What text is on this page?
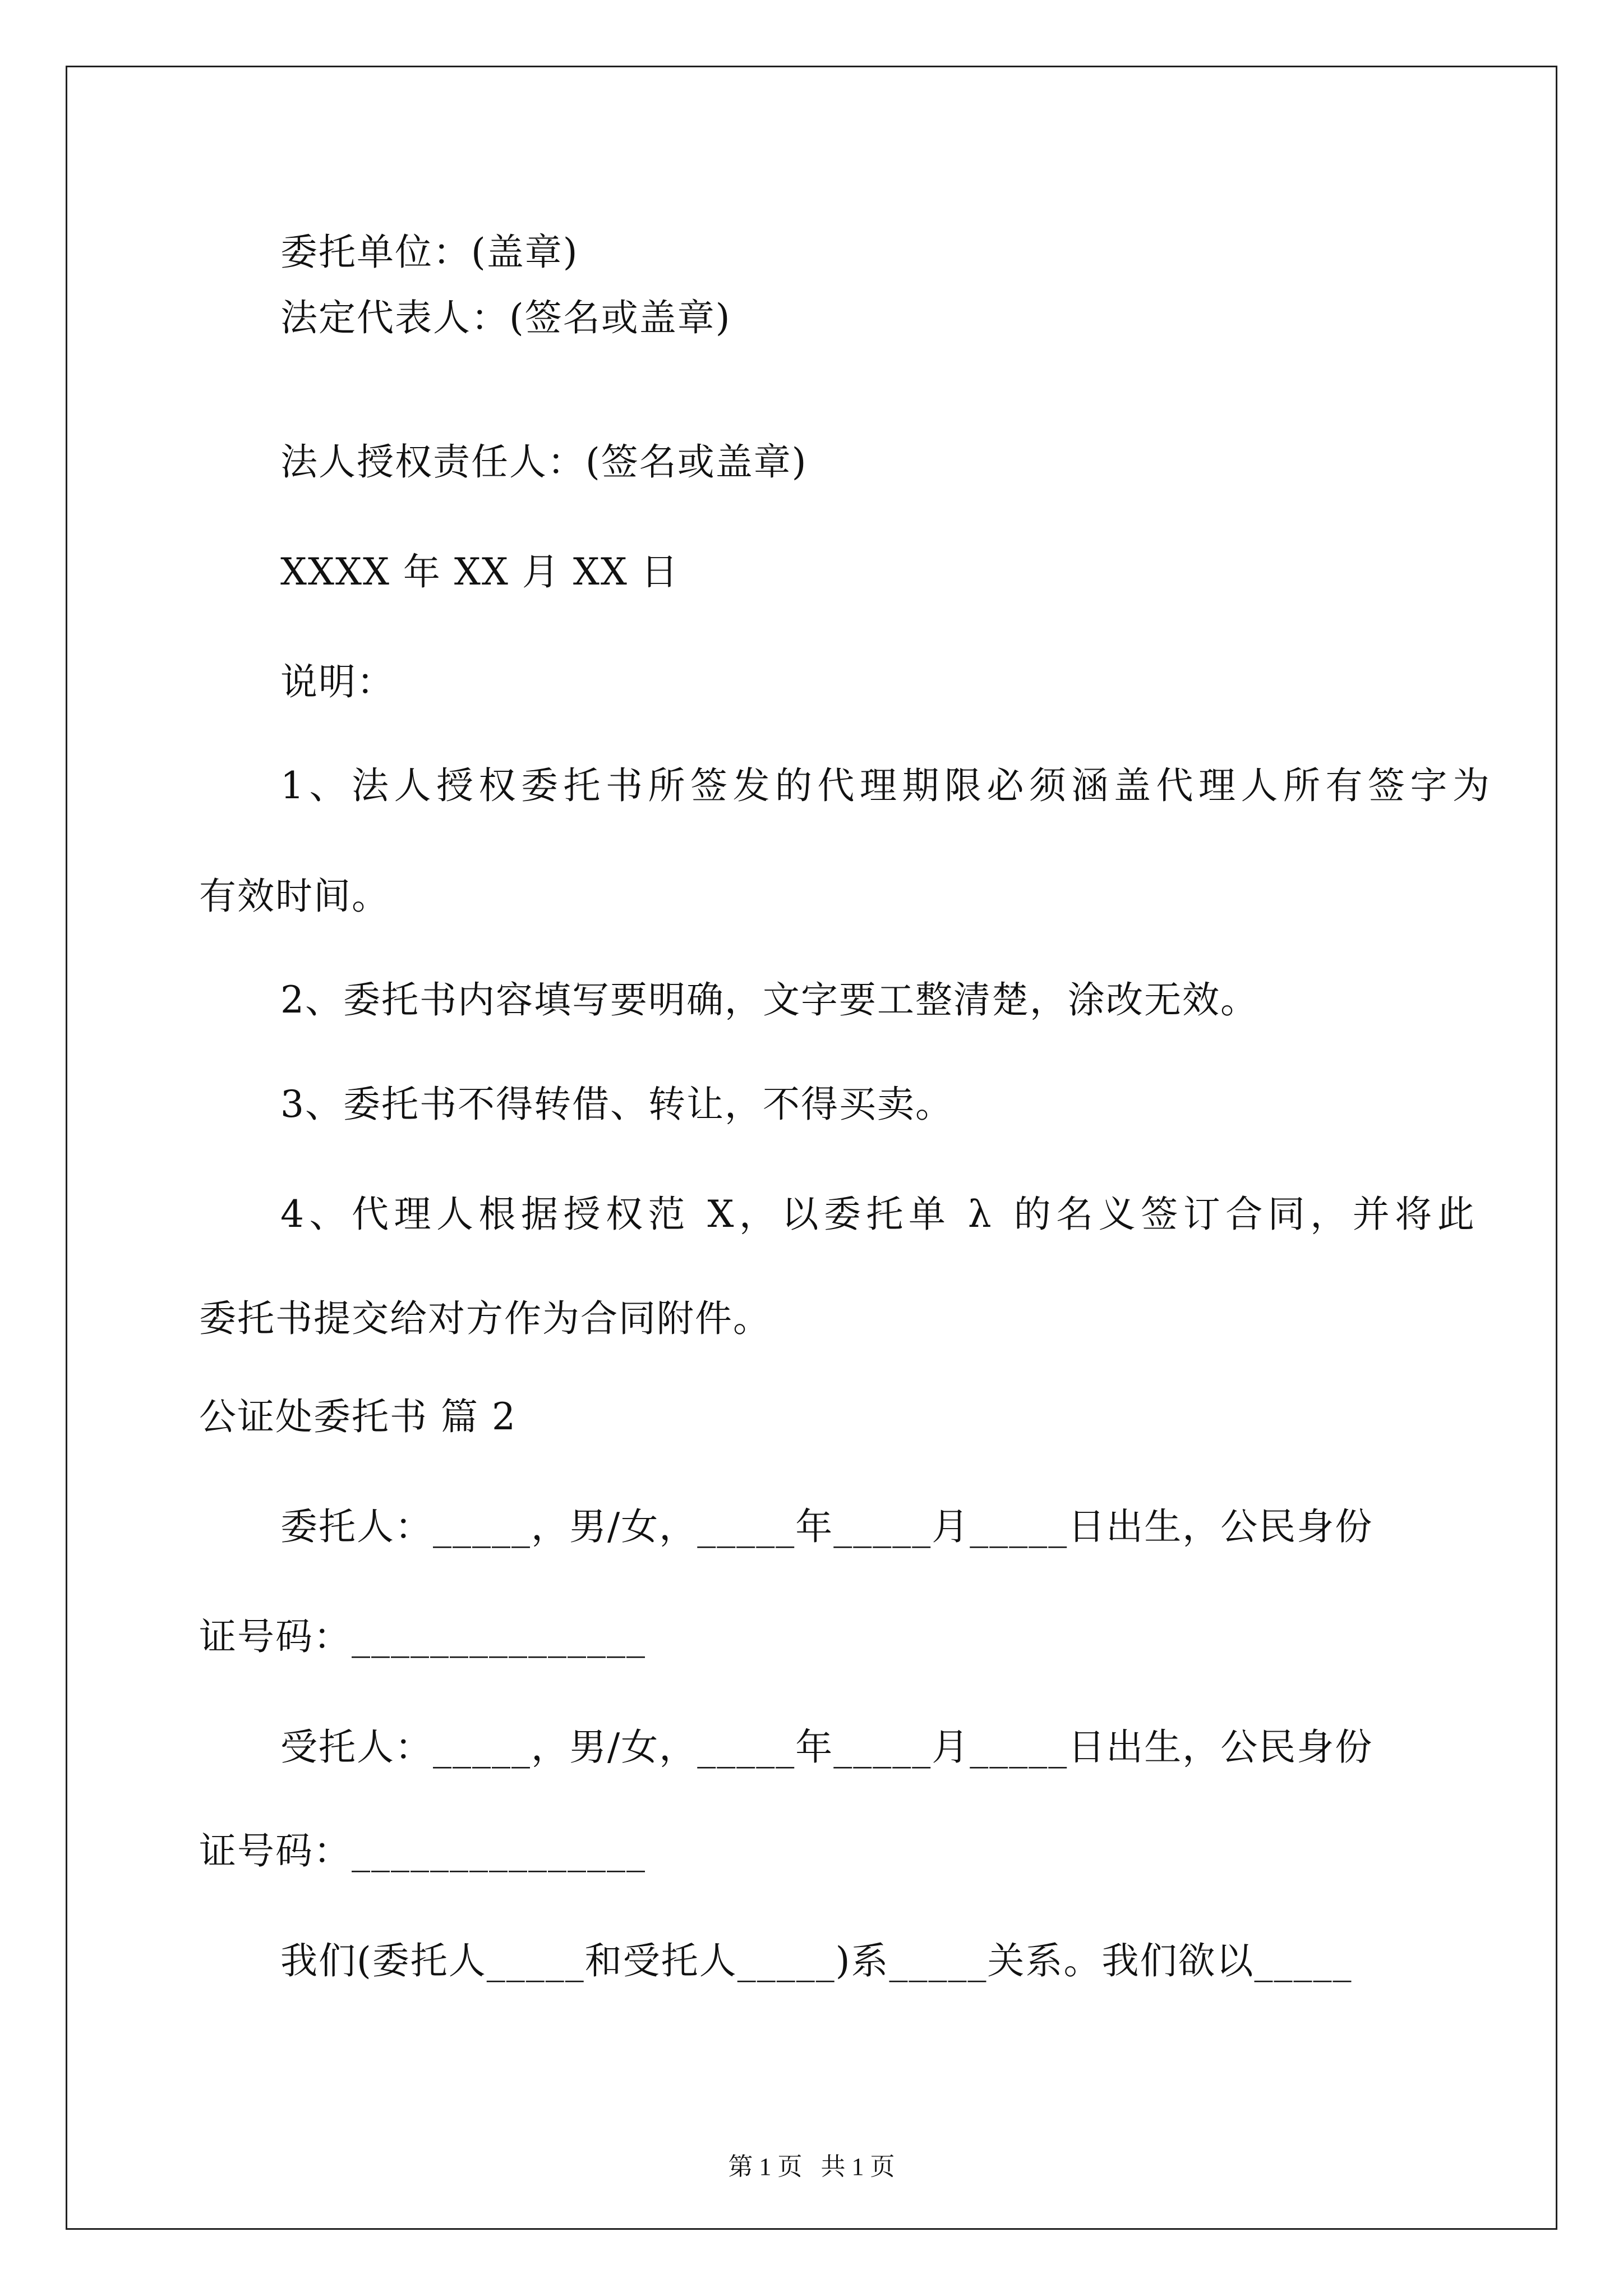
委托单位：(盖章)
法定代表人：(签名或盖章)
法人授权责任人：(签名或盖章)
XXXX 年 XX 月 XX 日
说明：
1、法人授权委托书所签发的代理期限必须涵盖代理人所有签字为
有效时间。
2、委托书内容填写要明确，文字要工整清楚，涂改无效。
3、委托书不得转借、转让，不得买卖。
4、代理人根据授权范 X，以委托单 λ 的名义签订合同，并将此
委托书提交给对方作为合同附件。
公证处委托书 篇 2
委托人：_____，男/女，_____年_____月_____日出生，公民身份
证号码：_______________
受托人：_____，男/女，_____年_____月_____日出生，公民身份
证号码：_______________
我们(委托人_____和受托人_____)系_____关系。我们欲以_____
第 1 页   共 1 页
